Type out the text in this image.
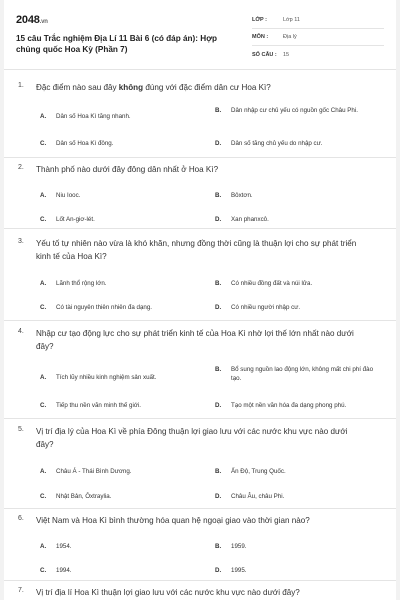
2048.vn
15 câu Trắc nghiệm Địa Lí 11 Bài 6 (có đáp án): Hợp chủng quốc Hoa Kỳ (Phần 7)
LỚP :	Lớp 11
MÔN :	Địa lý
SỐ CÂU :	15
1.	Đặc điểm nào sau đây không đúng với đặc điểm dân cư Hoa Kì?
A.	Dân số Hoa Kì tăng nhanh.
B.	Dân nhập cư chủ yếu có nguồn gốc Châu Phi.
C.	Dân số Hoa Kì đông.	D.	Dân số tăng chủ yếu do nhập cư.
2.	Thành phố nào dưới đây đông dân nhất ở Hoa Kì?
A.	Niu Iooc.	B.	Bôxtơn.
C.	Lốt An-giơ-lét.	D.	Xan phanxcô.
3.	Yếu tố tự nhiên nào vừa là khó khăn, nhưng đồng thời cũng là thuận lợi cho sự phát triển kinh tế của Hoa Kì?
A.	Lãnh thổ rộng lớn.	B.	Có nhiều đồng đất và núi lửa.
C.	Có tài nguyên thiên nhiên đa dạng.	D.	Có nhiều người nhập cư.
4.	Nhập cư tạo động lực cho sự phát triển kinh tế của Hoa Kì nhờ lợi thế lớn nhất nào dưới đây?
A.	Tích lũy nhiều kinh nghiệm sản xuất.
B.	Bổ sung nguồn lao động lớn, không mất chi phí đào tạo.
C.	Tiếp thu nền văn minh thế giới.	D.	Tạo một nền văn hóa đa dạng phong phú.
5.	Vị trí địa lý của Hoa Kì về phía Đông thuận lợi giao lưu với các nước khu vực nào dưới đây?
A.	Châu Á - Thái Bình Dương.	B.	Ấn Độ, Trung Quốc.
C.	Nhật Bản, Ôxtraylia.	D.	Châu Âu, châu Phi.
6.	Việt Nam và Hoa Kì bình thường hóa quan hệ ngoại giao vào thời gian nào?
A.	1954.	B.	1959.
C.	1994.	D.	1995.
7.	Vị trí địa lí Hoa Kì thuận lợi giao lưu với các nước khu vực nào dưới đây?
